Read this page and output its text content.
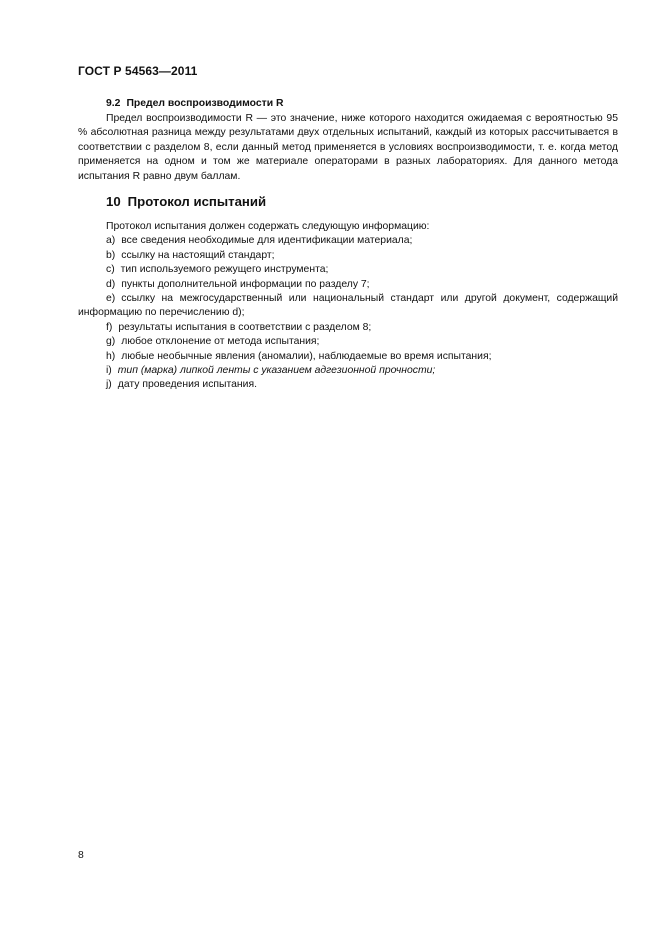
ГОСТ Р 54563—2011
9.2 Предел воспроизводимости R

Предел воспроизводимости R — это значение, ниже которого находится ожидаемая с вероятностью 95 % абсолютная разница между результатами двух отдельных испытаний, каждый из которых рассчитывается в соответствии с разделом 8, если данный метод применяется в условиях воспроизводимости, т. е. когда метод применяется на одном и том же материале операторами в разных лабораториях. Для данного метода испытания R равно двум баллам.

10 Протокол испытаний
Протокол испытания должен содержать следующую информацию:
a) все сведения необходимые для идентификации материала;
b) ссылку на настоящий стандарт;
c) тип используемого режущего инструмента;
d) пункты дополнительной информации по разделу 7;
e) ссылку на межгосударственный или национальный стандарт или другой документ, содержащий информацию по перечислению d);
f) результаты испытания в соответствии с разделом 8;
g) любое отклонение от метода испытания;
h) любые необычные явления (аномалии), наблюдаемые во время испытания;
i) тип (марка) липкой ленты с указанием адгезионной прочности;
j) дату проведения испытания.
8
